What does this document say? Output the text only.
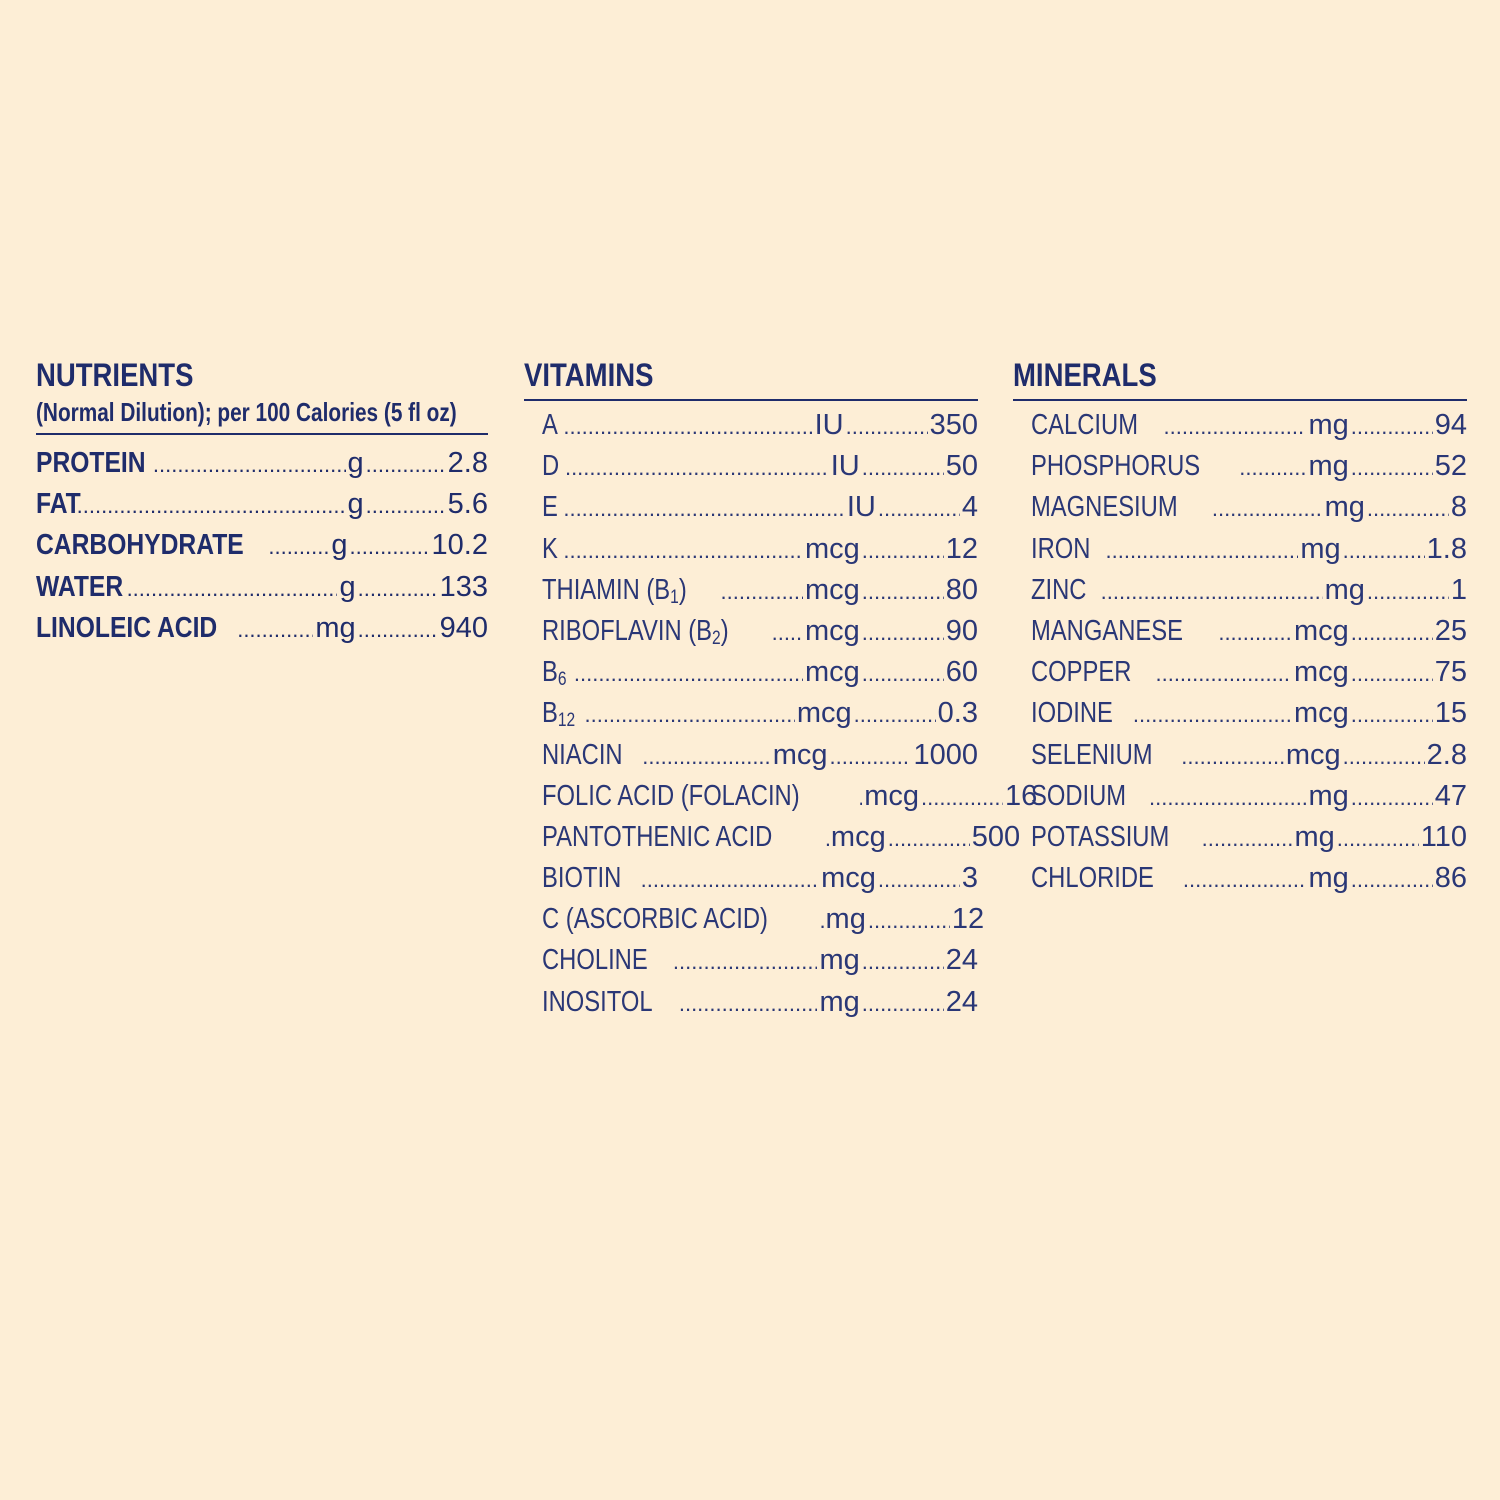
NUTRIENTS
(Normal Dilution); per 100 Calories (5 fl oz)
PROTEIN .....	g .....	2.8
FAT .....	g .....	5.6
CARBOHYDRATE .....	g .....	10.2
WATER .....	g .....	133
LINOLEIC ACID .....	mg .....	940
VITAMINS
A .....	IU .....	350
D .....	IU .....	50
E .....	IU .....	4
K .....	mcg .....	12
THIAMIN $(B_1)$ .....	mcg .....	80
RIBOFLAVIN $(B_2)$ .....	mcg .....	90
$B_6$ .....	mcg .....	60
$B_{12}$ .....	mcg .....	0.3
NIACIN .....	mcg .....	1000
FOLIC ACID (FOLACIN) ..... mcg .....	16
PANTOTHENIC ACID ..... mcg .....	500
BIOTIN .....	mcg .....	3
C (ASCORBIC ACID) ..... mg .....	12
CHOLINE .....	mg .....	24
INOSITOL .....	mg .....	24
MINERALS
CALCIUM .....	mg .....	94
PHOSPHORUS .....	mg .....	52
MAGNESIUM .....	mg .....	8
IRON .....	mg .....	1.8
ZINC .....	mg .....	1
MANGANESE .....	mcg .....	25
COPPER .....	mcg .....	75
IODINE .....	mcg .....	15
SELENIUM .....	mcg .....	2.8
SODIUM .....	mg .....	47
POTASSIUM .....	mg .....	110
CHLORIDE .....	mg .....	86
